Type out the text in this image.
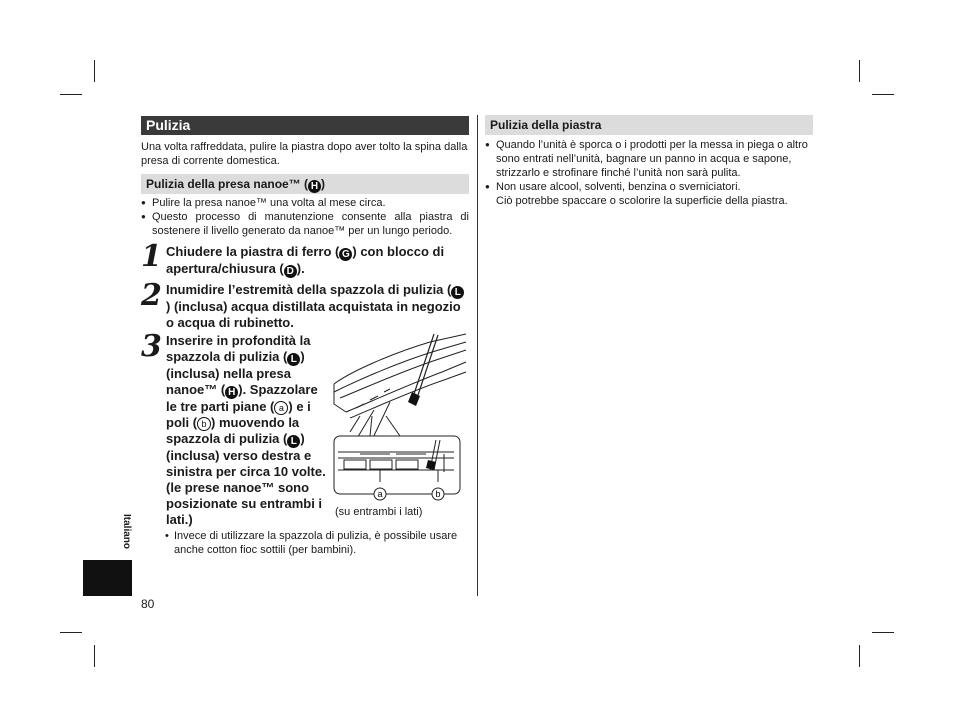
Pulizia

Una volta raffreddata, pulire la piastra dopo aver tolto la spina dalla presa di corrente domestica.

Pulizia della presa nanoe™ ( H )
● Pulire la presa nanoe™ una volta al mese circa.
● Questo processo di manutenzione consente alla piastra di sostenere il livello generato da nanoe™ per un lungo periodo.
1 Chiudere la piastra di ferro ( G ) con blocco di apertura/chiusura ( D ).

2 Inumidire l’estremità della spazzola di pulizia ( L) (inclusa) acqua distillata acquistata in negozio o acqua di rubinetto.

3 Inserire in profondità la spazzola di pulizia ( L ) (inclusa) nella presa nanoe™ ( H ). Spazzolare le tre parti piane ( a ) e i poli ( b ) muovendo la spazzola di pulizia ( L ) (inclusa) verso destra e sinistra per circa 10 volte. (le prese nanoe™ sono posizionate su entrambi i lati.)

a	b
(su entrambi i lati)

• Invece di utilizzare la spazzola di pulizia, è possibile usare anche cotton fioc sottili (per bambini).

Italiano
80
Pulizia della piastra
● Quando l’unità è sporca o i prodotti per la messa in piega o altro sono entrati nell’unità, bagnare un panno in acqua e sapone, strizzarlo e strofinare finché l’unità non sarà pulita.
● Non usare alcool, solventi, benzina o sverniciatori.
Ciò potrebbe spaccare o scolorire la superficie della piastra.
